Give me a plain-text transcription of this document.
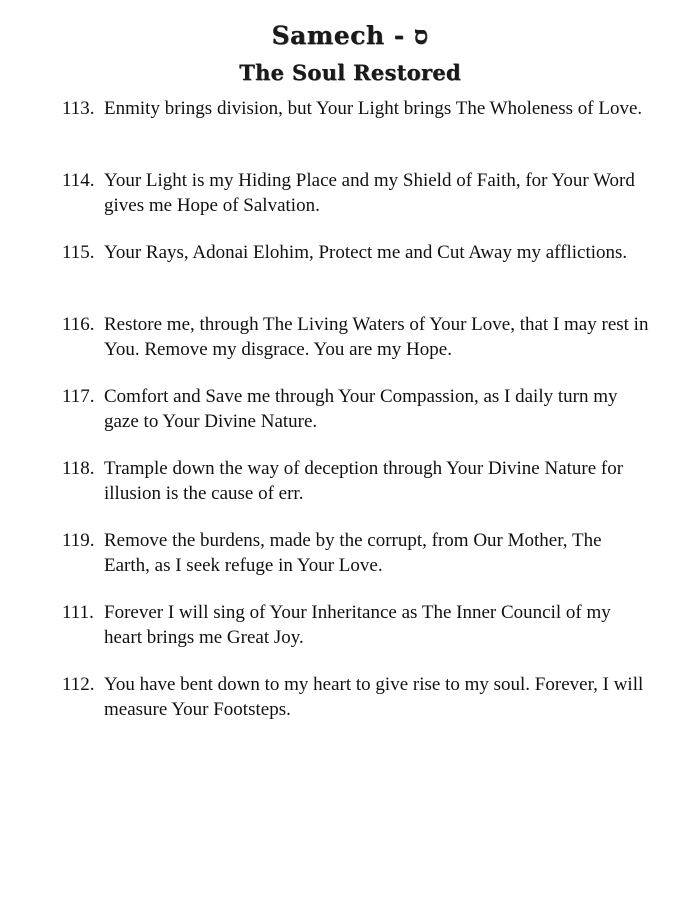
Samech - ס
The Soul Restored
113. Enmity brings division, but Your Light brings The Wholeness of Love.
114. Your Light is my Hiding Place and my Shield of Faith, for Your Word gives me Hope of Salvation.
115. Your Rays, Adonai Elohim, Protect me and Cut Away my afflictions.
116. Restore me, through The Living Waters of Your Love, that I may rest in You. Remove my disgrace. You are my Hope.
117. Comfort and Save me through Your Compassion, as I daily turn my gaze to Your Divine Nature.
118. Trample down the way of deception through Your Divine Nature for illusion is the cause of err.
119. Remove the burdens, made by the corrupt, from Our Mother, The Earth, as I seek refuge in Your Love.
111. Forever I will sing of Your Inheritance as The Inner Council of my heart brings me Great Joy.
112. You have bent down to my heart to give rise to my soul. Forever, I will measure Your Footsteps.
